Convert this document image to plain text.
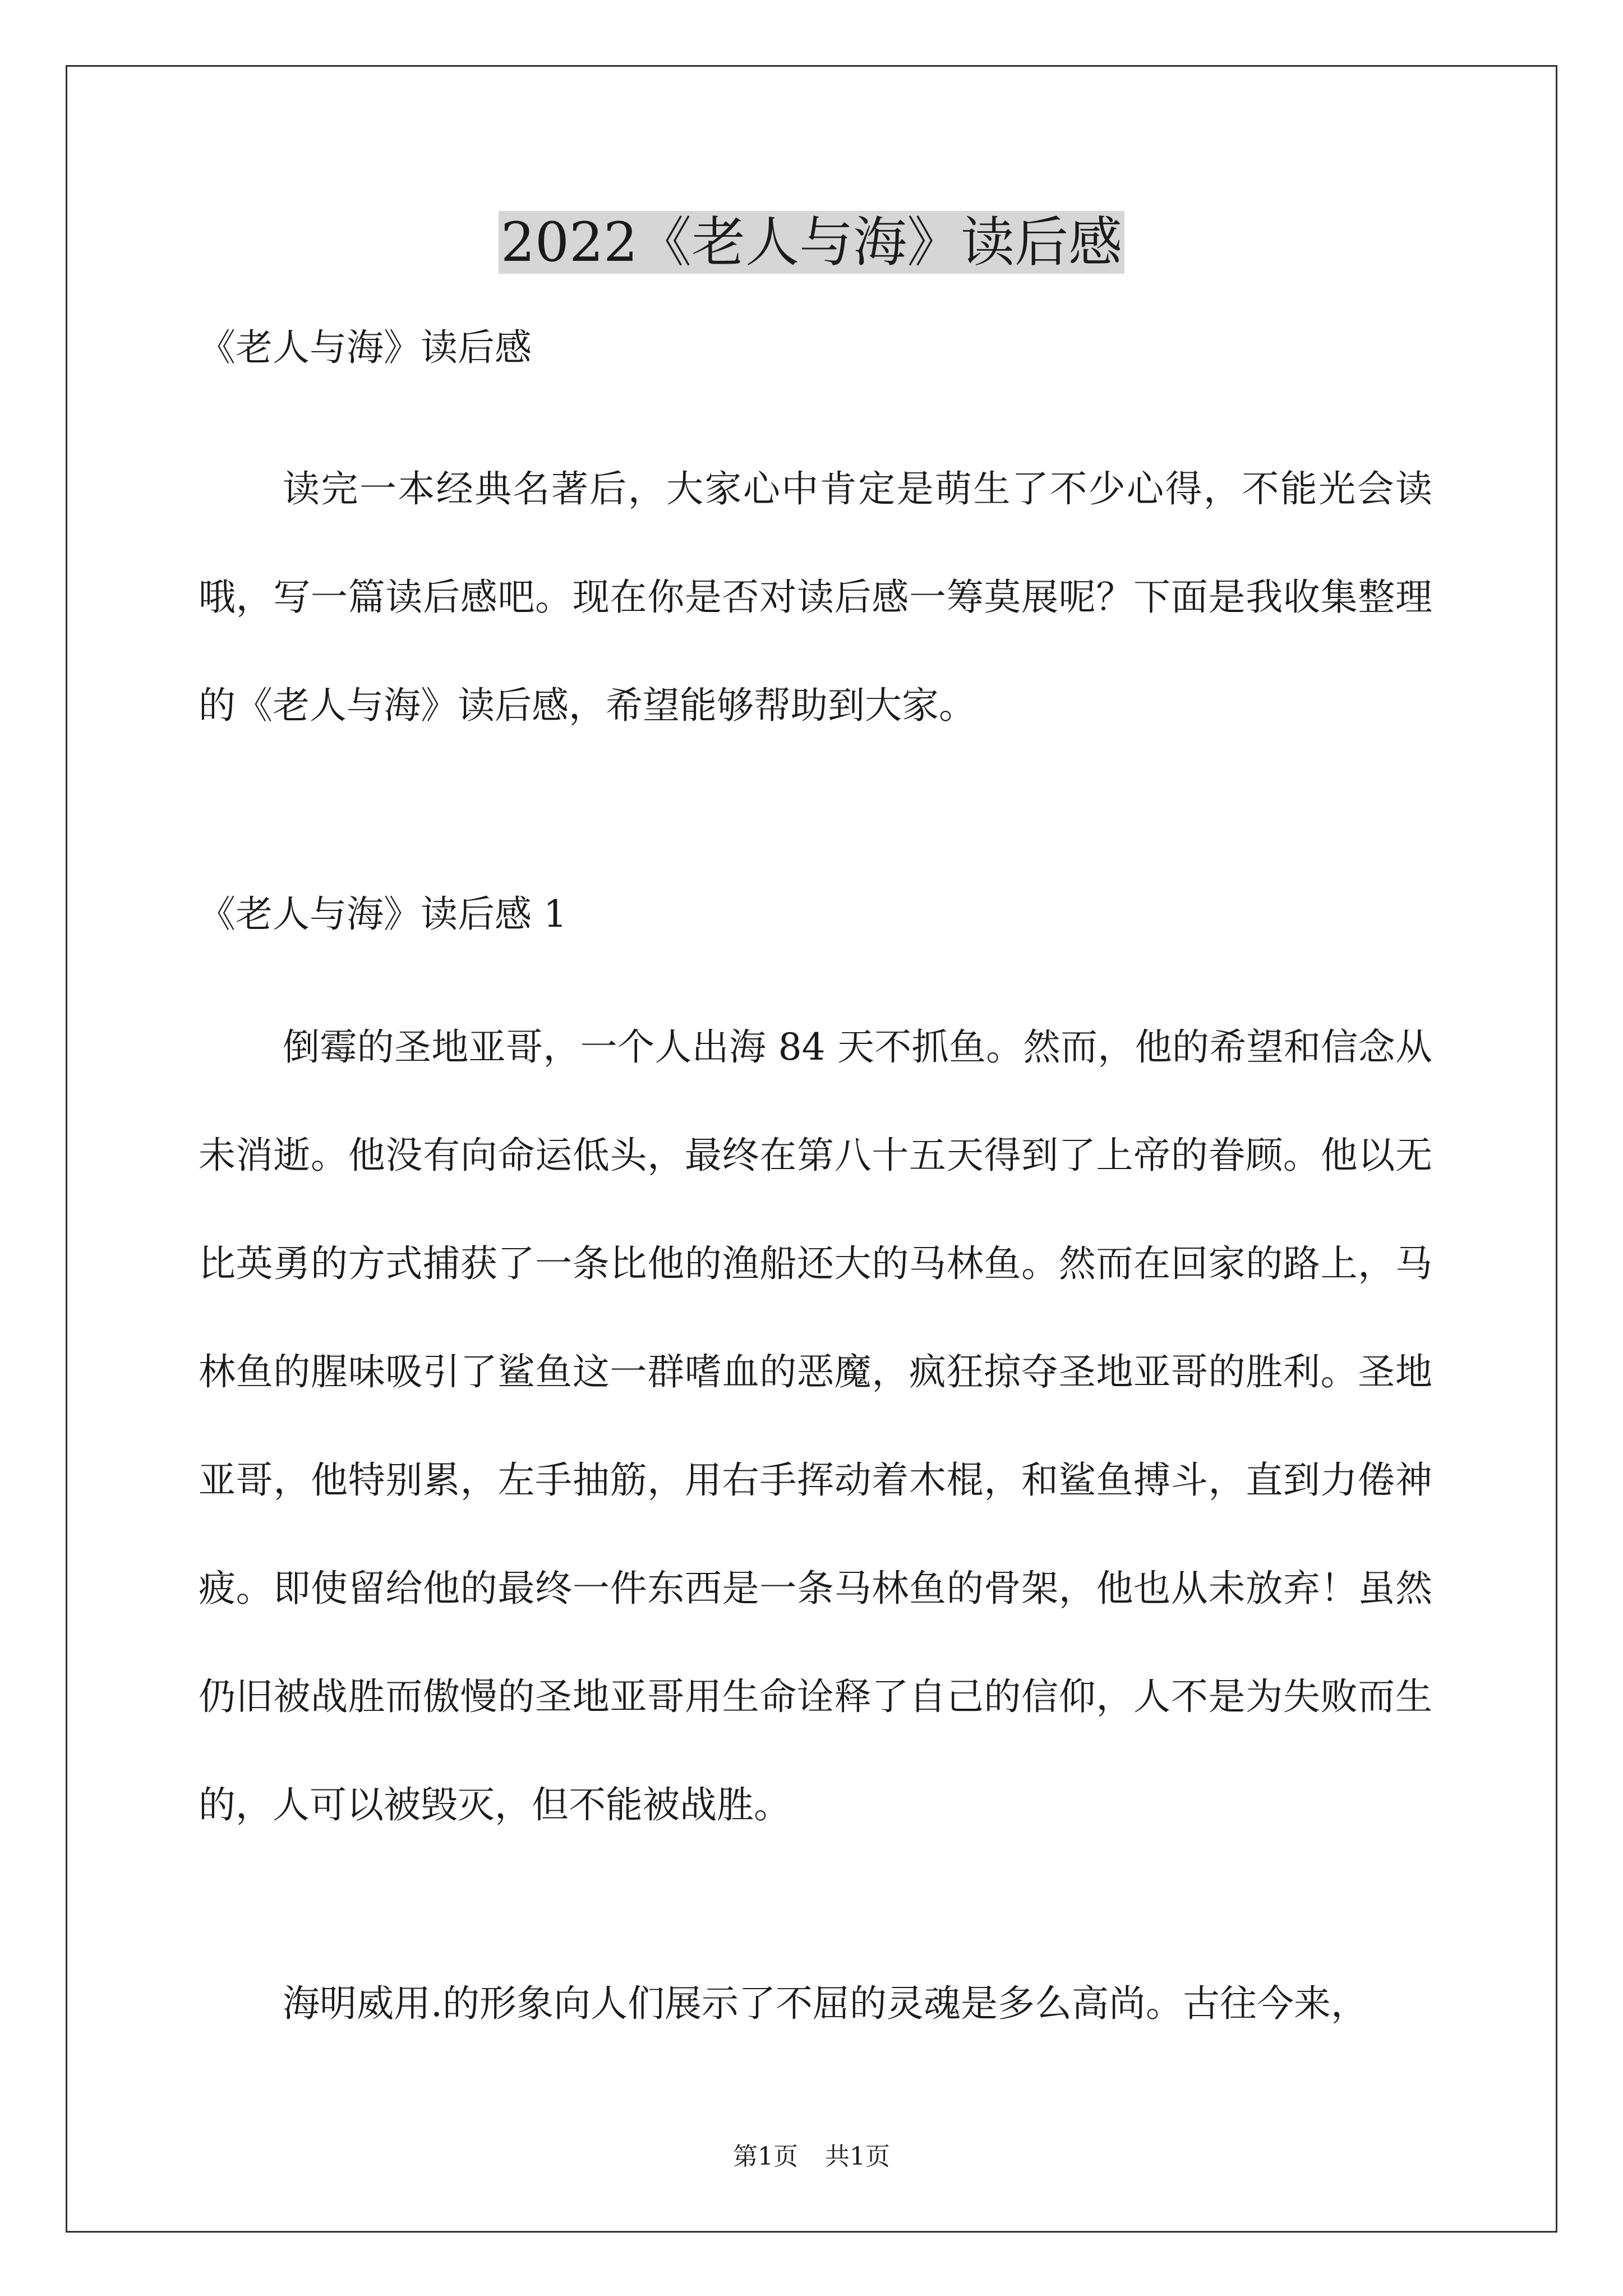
2022《老人与海》读后感

《老人与海》读后感

读完一本经典名著后，大家心中肯定是萌生了不少心得，不能光会读哦，写一篇读后感吧。现在你是否对读后感一筹莫展呢？下面是我收集整理的《老人与海》读后感，希望能够帮助到大家。

《老人与海》读后感 1

倒霉的圣地亚哥，一个人出海 84 天不抓鱼。然而，他的希望和信念从未消逝。他没有向命运低头，最终在第八十五天得到了上帝的眷顾。他以无比英勇的方式捕获了一条比他的渔船还大的马林鱼。然而在回家的路上，马林鱼的腥味吸引了鲨鱼这一群嗜血的恶魔，疯狂掠夺圣地亚哥的胜利。圣地亚哥，他特别累，左手抽筋，用右手挥动着木棍，和鲨鱼搏斗，直到力倦神疲。即使留给他的最终一件东西是一条马林鱼的骨架，他也从未放弃！虽然仍旧被战胜而傲慢的圣地亚哥用生命诠释了自己的信仰，人不是为失败而生的，人可以被毁灭，但不能被战胜。

海明威用.的形象向人们展示了不屈的灵魂是多么高尚。古往今来，

第1页 共1页
